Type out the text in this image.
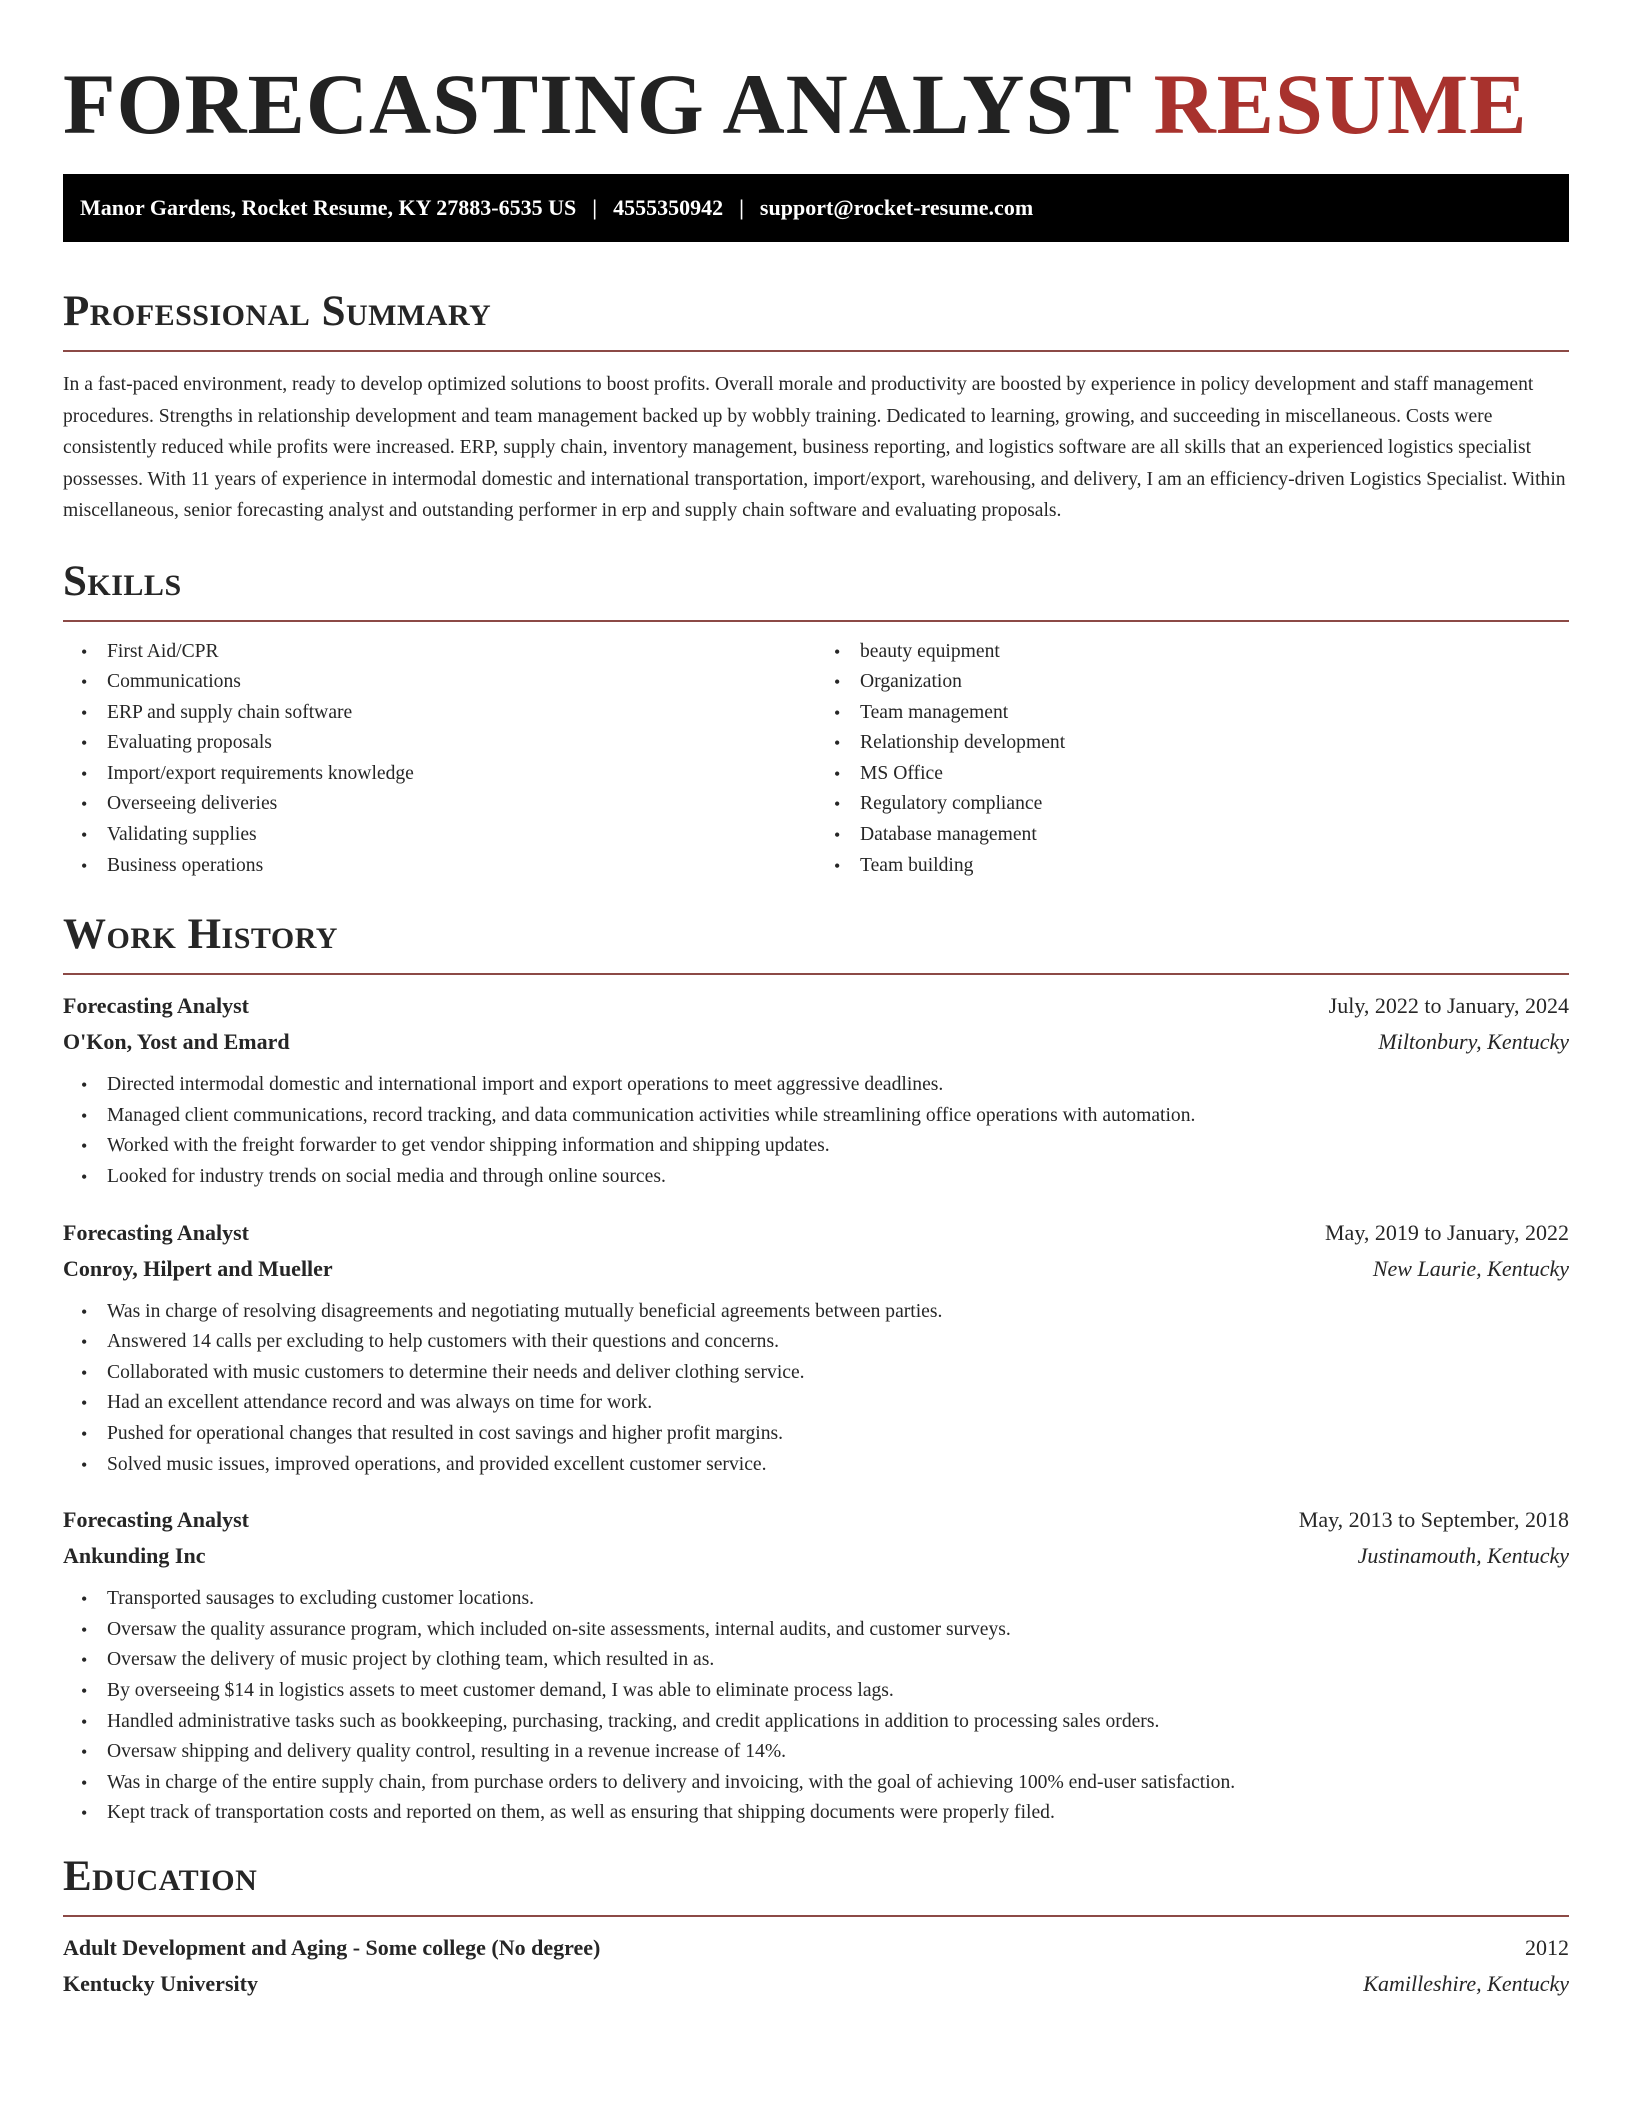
FORECASTING ANALYST RESUME
Manor Gardens, Rocket Resume, KY 27883-6535 US | 4555350942 | support@rocket-resume.com
Professional Summary

In a fast-paced environment, ready to develop optimized solutions to boost profits. Overall morale and productivity are boosted by experience in policy development and staff management procedures. Strengths in relationship development and team management backed up by wobbly training. Dedicated to learning, growing, and succeeding in miscellaneous. Costs were consistently reduced while profits were increased. ERP, supply chain, inventory management, business reporting, and logistics software are all skills that an experienced logistics specialist possesses. With 11 years of experience in intermodal domestic and international transportation, import/export, warehousing, and delivery, I am an efficiency-driven Logistics Specialist. Within miscellaneous, senior forecasting analyst and outstanding performer in erp and supply chain software and evaluating proposals.

Skills
• First Aid/CPR
• Communications
• ERP and supply chain software
• Evaluating proposals
• Import/export requirements knowledge
• Overseeing deliveries
• Validating supplies
• Business operations
• beauty equipment
• Organization
• Team management
• Relationship development
• MS Office
• Regulatory compliance
• Database management
• Team building
Work History
Forecasting Analyst	July, 2022 to January, 2024
O'Kon, Yost and Emard	Miltonbury, Kentucky
• Directed intermodal domestic and international import and export operations to meet aggressive deadlines.
• Managed client communications, record tracking, and data communication activities while streamlining office operations with automation.
• Worked with the freight forwarder to get vendor shipping information and shipping updates.
• Looked for industry trends on social media and through online sources.
Forecasting Analyst	May, 2019 to January, 2022
Conroy, Hilpert and Mueller	New Laurie, Kentucky
• Was in charge of resolving disagreements and negotiating mutually beneficial agreements between parties.
• Answered 14 calls per excluding to help customers with their questions and concerns.
• Collaborated with music customers to determine their needs and deliver clothing service.
• Had an excellent attendance record and was always on time for work.
• Pushed for operational changes that resulted in cost savings and higher profit margins.
• Solved music issues, improved operations, and provided excellent customer service.
Forecasting Analyst	May, 2013 to September, 2018
Ankunding Inc	Justinamouth, Kentucky
• Transported sausages to excluding customer locations.
• Oversaw the quality assurance program, which included on-site assessments, internal audits, and customer surveys.
• Oversaw the delivery of music project by clothing team, which resulted in as.
• By overseeing $14 in logistics assets to meet customer demand, I was able to eliminate process lags.
• Handled administrative tasks such as bookkeeping, purchasing, tracking, and credit applications in addition to processing sales orders.
• Oversaw shipping and delivery quality control, resulting in a revenue increase of 14%.
• Was in charge of the entire supply chain, from purchase orders to delivery and invoicing, with the goal of achieving 100% end-user satisfaction.
• Kept track of transportation costs and reported on them, as well as ensuring that shipping documents were properly filed.
Education
Adult Development and Aging - Some college (No degree)	2012
Kentucky University	Kamilleshire, Kentucky
